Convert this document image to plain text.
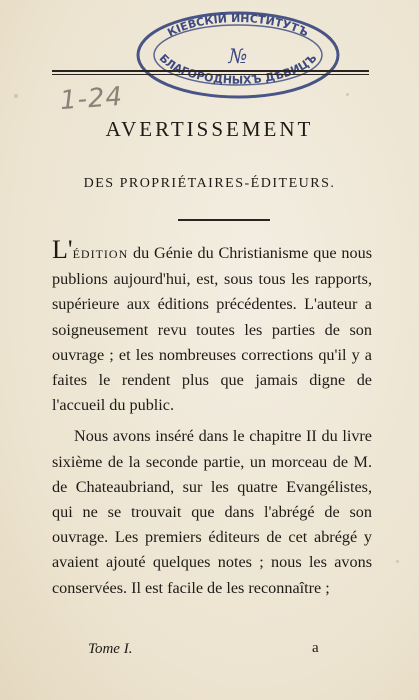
КІЕВСКІЙ ИНСТИТУТЪ
БЛАГОРОДНЫХЪ ДѢВИЦЪ
№
1-24
AVERTISSEMENT
DES PROPRIÉTAIRES-ÉDITEURS.

L'ÉDITION du Génie du Christianisme que nous publions aujourd'hui, est, sous tous les rapports, supérieure aux éditions précédentes. L'auteur a soigneusement revu toutes les parties de son ouvrage ; et les nombreuses corrections qu'il y a faites le rendent plus que jamais digne de l'accueil du public.

Nous avons inséré dans le chapitre II du livre sixième de la seconde partie, un morceau de M. de Chateaubriand, sur les quatre Evangélistes, qui ne se trouvait que dans l'abrégé de son ouvrage. Les premiers éditeurs de cet abrégé y avaient ajouté quelques notes ; nous les avons conservées. Il est facile de les reconnaître ;

Tome I.	a
